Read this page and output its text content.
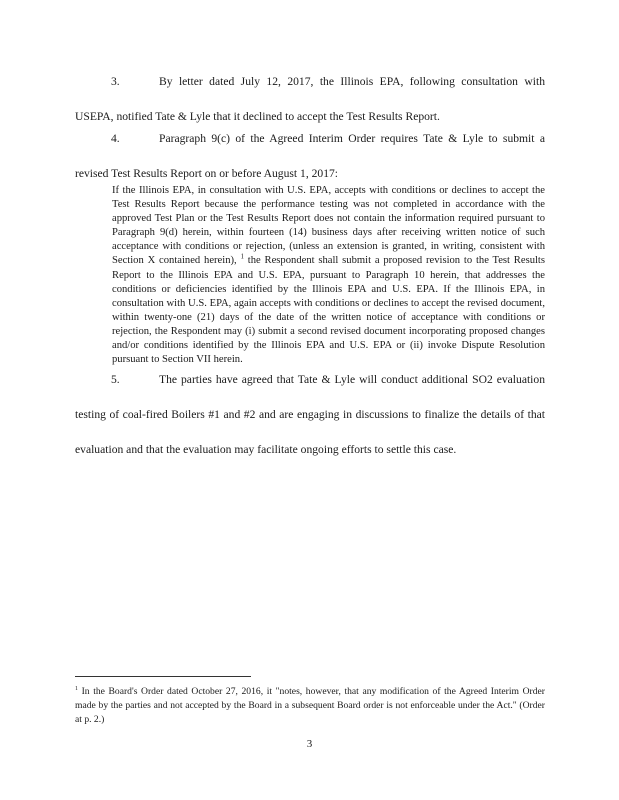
3.	By letter dated July 12, 2017, the Illinois EPA, following consultation with USEPA, notified Tate & Lyle that it declined to accept the Test Results Report.

4.	Paragraph 9(c) of the Agreed Interim Order requires Tate & Lyle to submit a revised Test Results Report on or before August 1, 2017:

If the Illinois EPA, in consultation with U.S. EPA, accepts with conditions or declines to accept the Test Results Report because the performance testing was not completed in accordance with the approved Test Plan or the Test Results Report does not contain the information required pursuant to Paragraph 9(d) herein, within fourteen (14) business days after receiving written notice of such acceptance with conditions or rejection, (unless an extension is granted, in writing, consistent with Section X contained herein), $^1$ the Respondent shall submit a proposed revision to the Test Results Report to the Illinois EPA and U.S. EPA, pursuant to Paragraph 10 herein, that addresses the conditions or deficiencies identified by the Illinois EPA and U.S. EPA. If the Illinois EPA, in consultation with U.S. EPA, again accepts with conditions or declines to accept the revised document, within twenty-one (21) days of the date of the written notice of acceptance with conditions or rejection, the Respondent may (i) submit a second revised document incorporating proposed changes and/or conditions identified by the Illinois EPA and U.S. EPA or (ii) invoke Dispute Resolution pursuant to Section VII herein.

5.	The parties have agreed that Tate & Lyle will conduct additional SO2 evaluation testing of coal-fired Boilers #1 and #2 and are engaging in discussions to finalize the details of that evaluation and that the evaluation may facilitate ongoing efforts to settle this case.

$^1$ In the Board's Order dated October 27, 2016, it "notes, however, that any modification of the Agreed Interim Order made by the parties and not accepted by the Board in a subsequent Board order is not enforceable under the Act." (Order at p. 2.)

3
